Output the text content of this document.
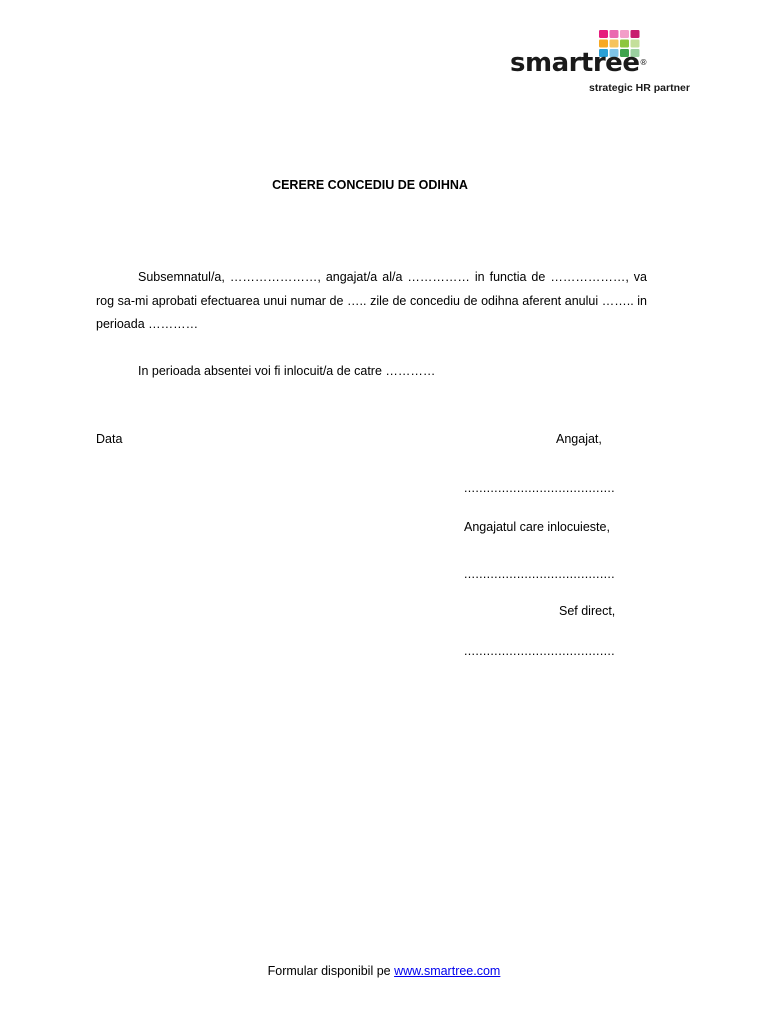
smartree®
strategic HR partner
CERERE CONCEDIU DE ODIHNA
Subsemnatul/a, …………………, angajat/a al/a …………… in functia de ………………, va rog sa-mi aprobati efectuarea unui numar de ….. zile de concediu de odihna aferent anului …….. in perioada …………
In perioada absentei voi fi inlocuit/a de catre …………
Data	Angajat,
........................................
Angajatul care inlocuieste,
........................................
Sef direct,
........................................
Formular disponibil pe www.smartree.com
